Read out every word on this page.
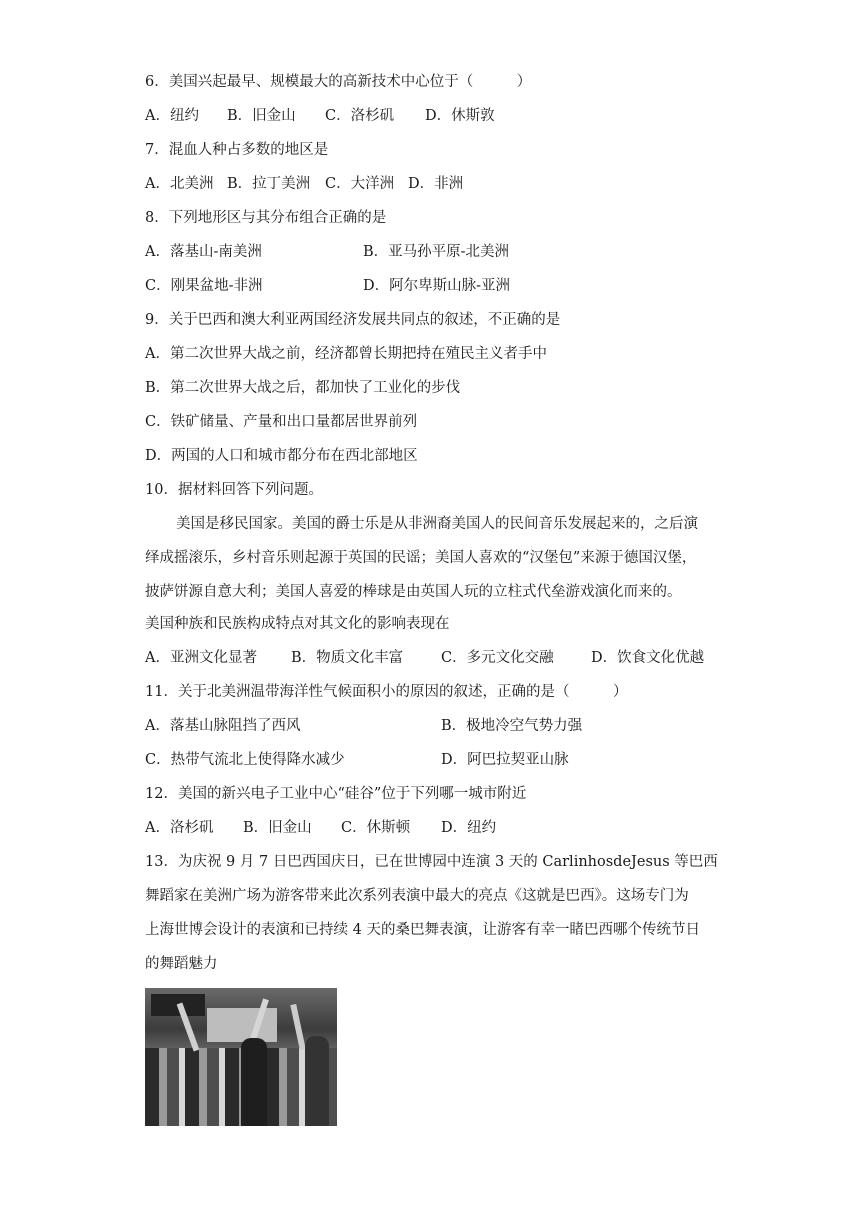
6．美国兴起最早、规模最大的高新技术中心位于（　　　）
A．纽约 B．旧金山 C．洛杉矶 D．休斯敦
7．混血人种占多数的地区是
A．北美洲 B．拉丁美洲 C．大洋洲 D．非洲
8．下列地形区与其分布组合正确的是
A．落基山-南美洲	B．亚马孙平原-北美洲
C．刚果盆地-非洲	D．阿尔卑斯山脉-亚洲
9．关于巴西和澳大利亚两国经济发展共同点的叙述，不正确的是
A．第二次世界大战之前，经济都曾长期把持在殖民主义者手中
B．第二次世界大战之后，都加快了工业化的步伐
C．铁矿储量、产量和出口量都居世界前列
D．两国的人口和城市都分布在西北部地区
10．据材料回答下列问题。
美国是移民国家。美国的爵士乐是从非洲裔美国人的民间音乐发展起来的，之后演
绎成摇滚乐，乡村音乐则起源于英国的民谣；美国人喜欢的“汉堡包”来源于德国汉堡，
披萨饼源自意大利；美国人喜爱的棒球是由英国人玩的立柱式代垒游戏演化而来的。
美国种族和民族构成特点对其文化的影响表现在
A．亚洲文化显著 B．物质文化丰富	C．多元文化交融	D．饮食文化优越
11．关于北美洲温带海洋性气候面积小的原因的叙述，正确的是（　　　）
A．落基山脉阻挡了西风	B．极地冷空气势力强
C．热带气流北上使得降水减少	D．阿巴拉契亚山脉
12．美国的新兴电子工业中心“硅谷”位于下列哪一城市附近
A．洛杉矶 B．旧金山 C．休斯顿 D．纽约
13．为庆祝 9 月 7 日巴西国庆日，已在世博园中连演 3 天的 CarlinhosdeJesus 等巴西
舞蹈家在美洲广场为游客带来此次系列表演中最大的亮点《这就是巴西》。这场专门为
上海世博会设计的表演和已持续 4 天的桑巴舞表演，让游客有幸一睹巴西哪个传统节日
的舞蹈魅力
